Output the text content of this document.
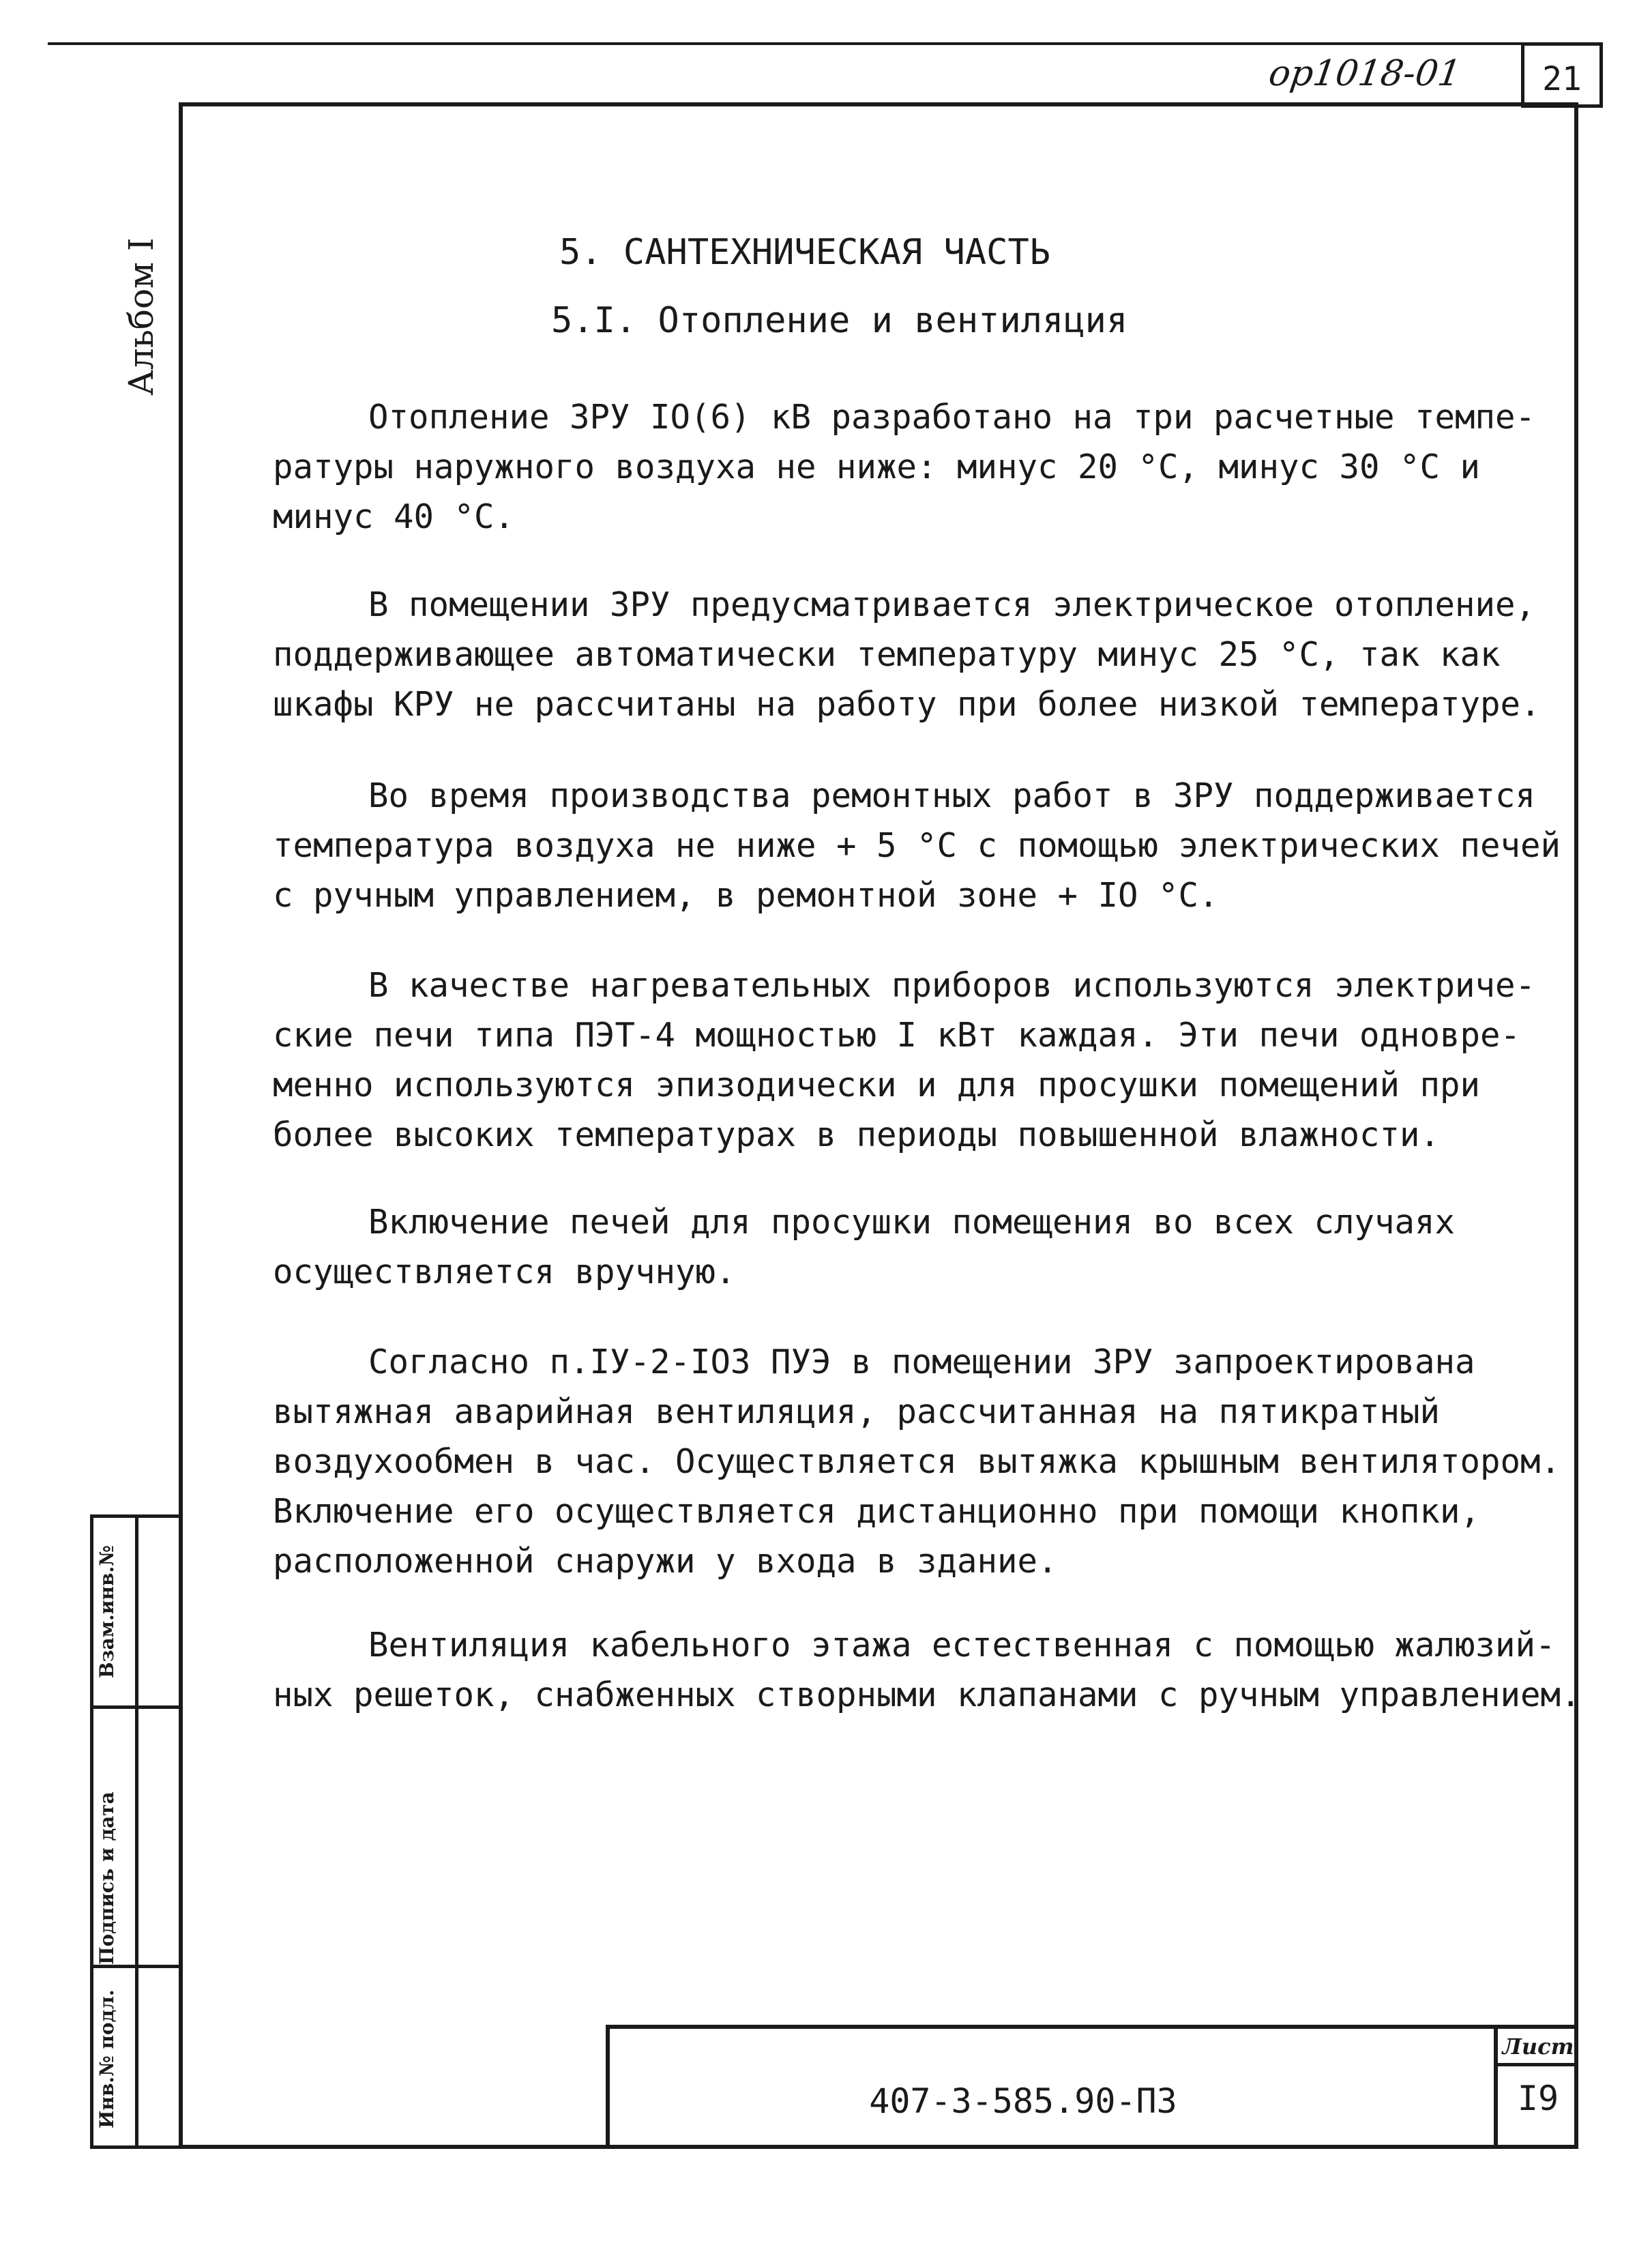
ор1018-01	21
Альбом I
Взам.инв.№
Подпись и дата
Инв.№ подл.
5. САНТЕХНИЧЕСКАЯ ЧАСТЬ
5.I. Отопление и вентиляция
Отопление ЗРУ IO(6) кВ разработано на три расчетные темпе-
ратуры наружного воздуха не ниже: минус 20 °С, минус 30 °С и
минус 40 °С.
В помещении ЗРУ предусматривается электрическое отопление,
поддерживающее автоматически температуру минус 25 °С, так как
шкафы КРУ не рассчитаны на работу при более низкой температуре.
Во время производства ремонтных работ в ЗРУ поддерживается
температура воздуха не ниже + 5 °С с помощью электрических печей
с ручным управлением, в ремонтной зоне + IO °С.
В качестве нагревательных приборов используются электриче-
ские печи типа ПЭТ-4 мощностью I кВт каждая. Эти печи одновре-
менно используются эпизодически и для просушки помещений при
более высоких температурах в периоды повышенной влажности.
Включение печей для просушки помещения во всех случаях
осуществляется вручную.
Согласно п.IУ-2-IO3 ПУЭ в помещении ЗРУ запроектирована
вытяжная аварийная вентиляция, рассчитанная на пятикратный
воздухообмен в час. Осуществляется вытяжка крышным вентилятором.
Включение его осуществляется дистанционно при помощи кнопки,
расположенной снаружи у входа в здание.
Вентиляция кабельного этажа естественная с помощью жалюзий-
ных решеток, снабженных створными клапанами с ручным управлением.
407-3-585.90-ПЗ
Лист
I9
